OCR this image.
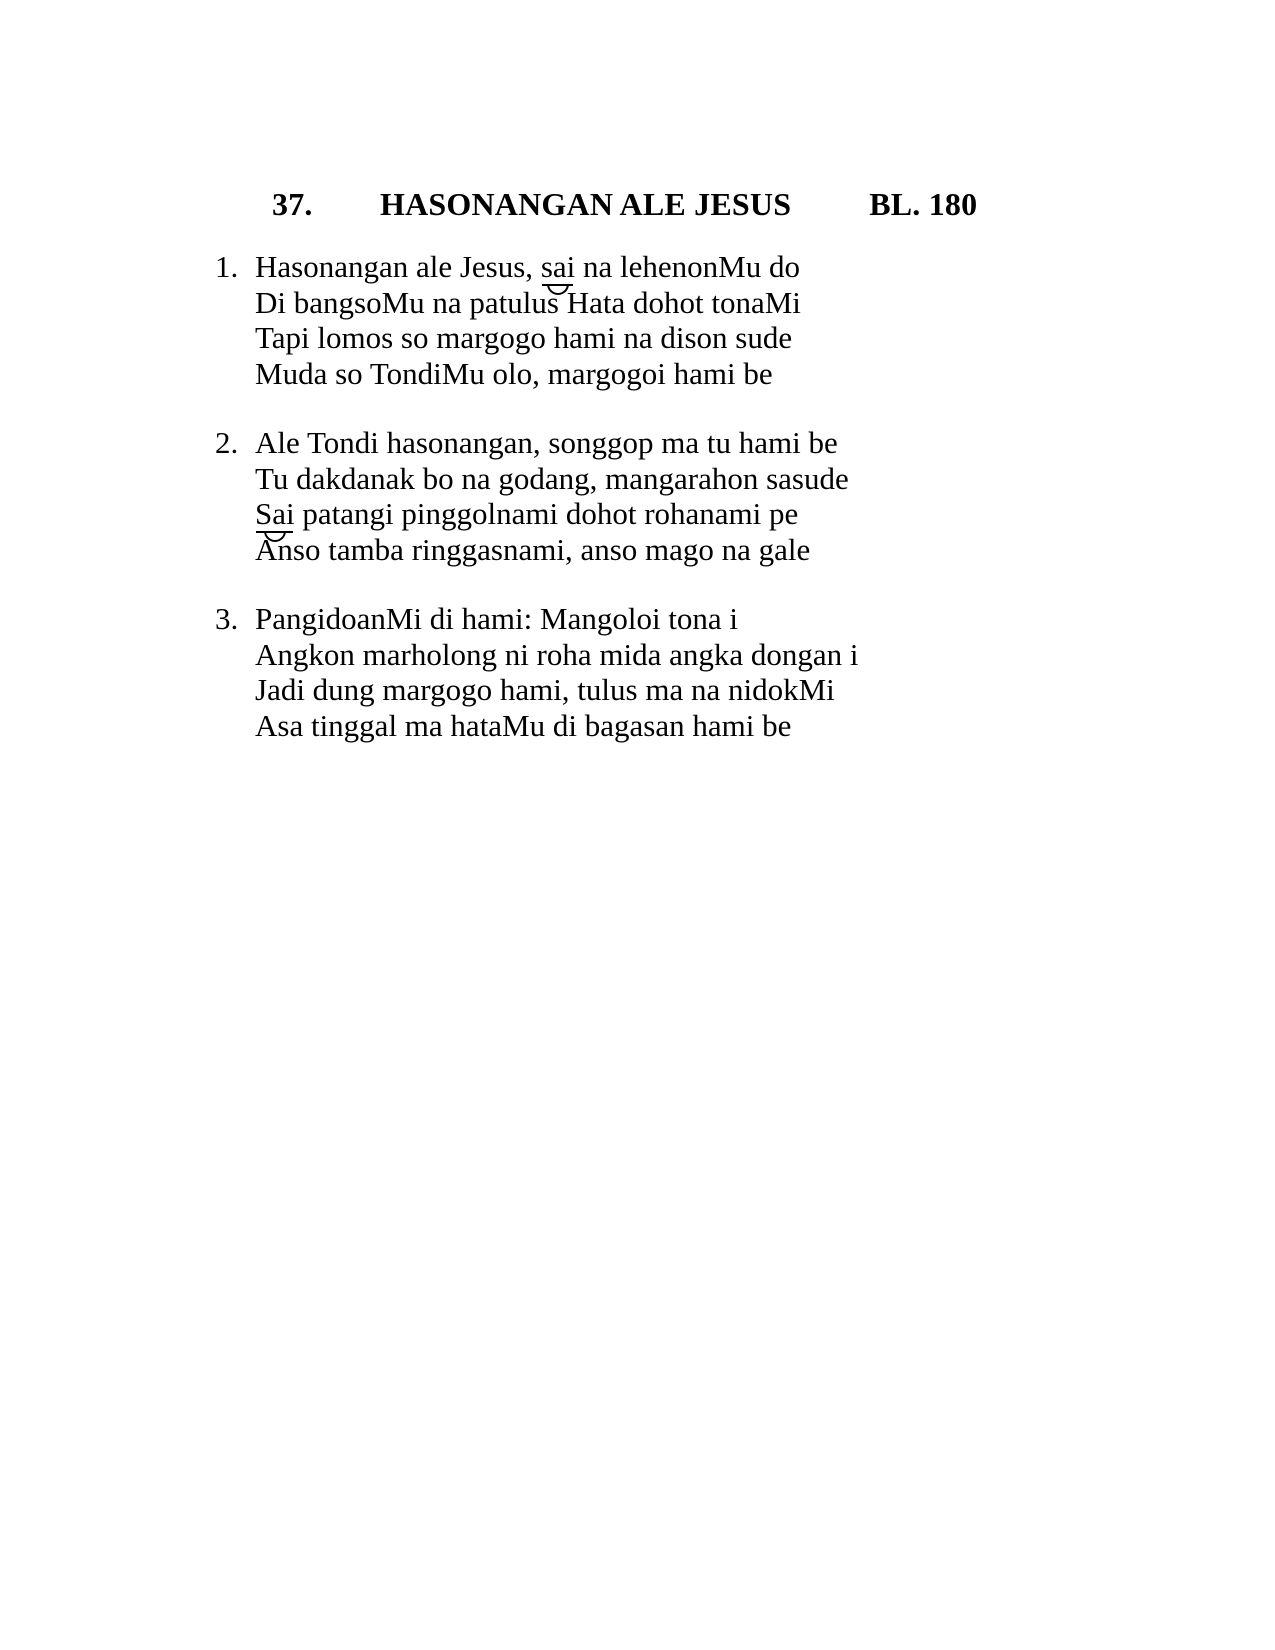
37.	HASONANGAN ALE JESUS BL. 180
1. Hasonangan ale Jesus, sai
na lehenonMu do
Di bangsoMu na patulus Hata dohot tonaMi
Tapi lomos so margogo hami na dison sude
Muda so TondiMu olo, margogoi hami be
2. Ale Tondi hasonangan, songgop ma tu hami be
Tu dakdanak bo na godang, mangarahon sasude
Sai
patangi pinggolnami dohot rohanami pe
Anso tamba ringgasnami, anso mago na gale
3. PangidoanMi di hami: Mangoloi tona i
Angkon marholong ni roha mida angka dongan i
Jadi dung margogo hami, tulus ma na nidokMi
Asa tinggal ma hataMu di bagasan hami be
